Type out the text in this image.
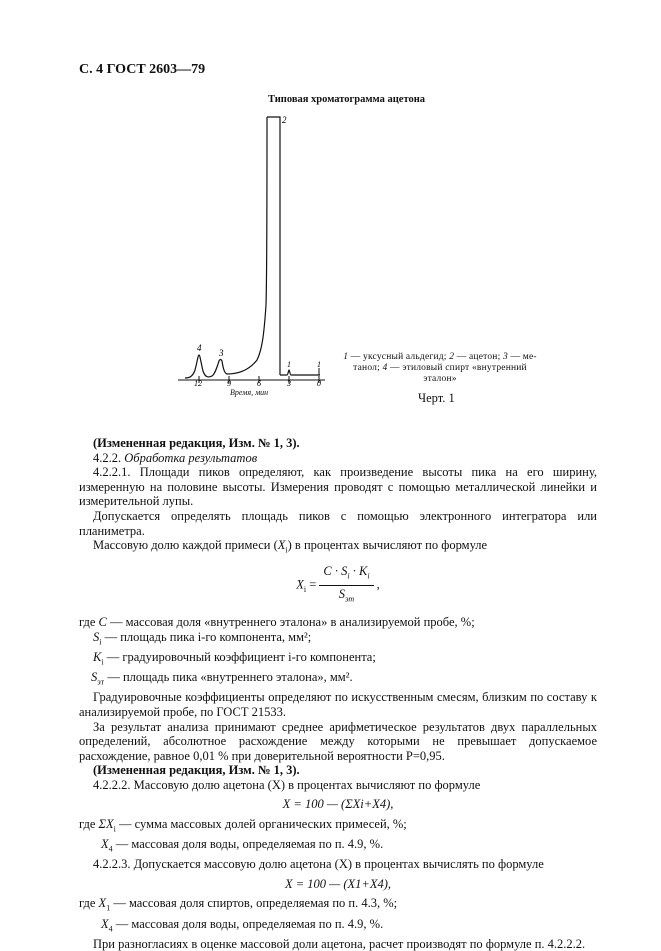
С. 4 ГОСТ 2603—79
Типовая хроматограмма ацетона
4 3
2
1	1
12	9	6	3	0
Время, мин
1 — уксусный альдегид; 2 — ацетон; 3 — ме-танол; 4 — этиловый спирт «внутренний эталон»
Черт. 1

(Измененная редакция, Изм. № 1, 3).

4.2.2. Обработка результатов

4.2.2.1. Площади пиков определяют, как произведение высоты пика на его ширину, измеренную на половине высоты. Измерения проводят с помощью металлической линейки и измерительной лупы.

Допускается определять площадь пиков с помощью электронного интегратора или планиметра.

Массовую долю каждой примеси $(X_i)$ в процентах вычисляют по формуле

$X_i = \frac{C \cdot S_i \cdot K_i}{S_{эт}}$ ,

где C — массовая доля «внутреннего эталона» в анализируемой пробе, %;

$S_i$ — площадь пика i-го компонента, мм²;

$K_i$ — градуировочный коэффициент i-го компонента;

$S_{эт}$ — площадь пика «внутреннего эталона», мм².

Градуировочные коэффициенты определяют по искусственным смесям, близким по составу к анализируемой пробе, по ГОСТ 21533.

За результат анализа принимают среднее арифметическое результатов двух параллельных определений, абсолютное расхождение между которыми не превышает допускаемое расхождение, равное 0,01 % при доверительной вероятности P=0,95.

(Измененная редакция, Изм. № 1, 3).

4.2.2.2. Массовую долю ацетона (X) в процентах вычисляют по формуле

X = 100 — (ΣXi+X4),

где $\Sigma X_i$ — сумма массовых долей органических примесей, %;

$X_4$ — массовая доля воды, определяемая по п. 4.9, %.

4.2.2.3. Допускается массовую долю ацетона (X) в процентах вычислять по формуле

X = 100 — (X1+X4),

где $X_1$ — массовая доля спиртов, определяемая по п. 4.3, %;

$X_4$ — массовая доля воды, определяемая по п. 4.9, %.

При разногласиях в оценке массовой доли ацетона, расчет производят по формуле п. 4.2.2.2.
